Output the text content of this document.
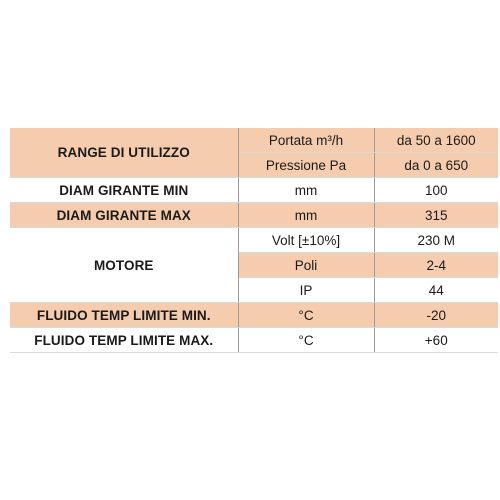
RANGE DI UTILIZZO	Portata m³/h	da 50 a 1600
	Pressione Pa	da 0 a 650
DIAM GIRANTE MIN	mm	100
DIAM GIRANTE MAX	mm	315
MOTORE	Volt [±10%]	230 M
	Poli	2-4
	IP	44
FLUIDO TEMP LIMITE MIN.	°C	-20
FLUIDO TEMP LIMITE MAX.	°C	+60
